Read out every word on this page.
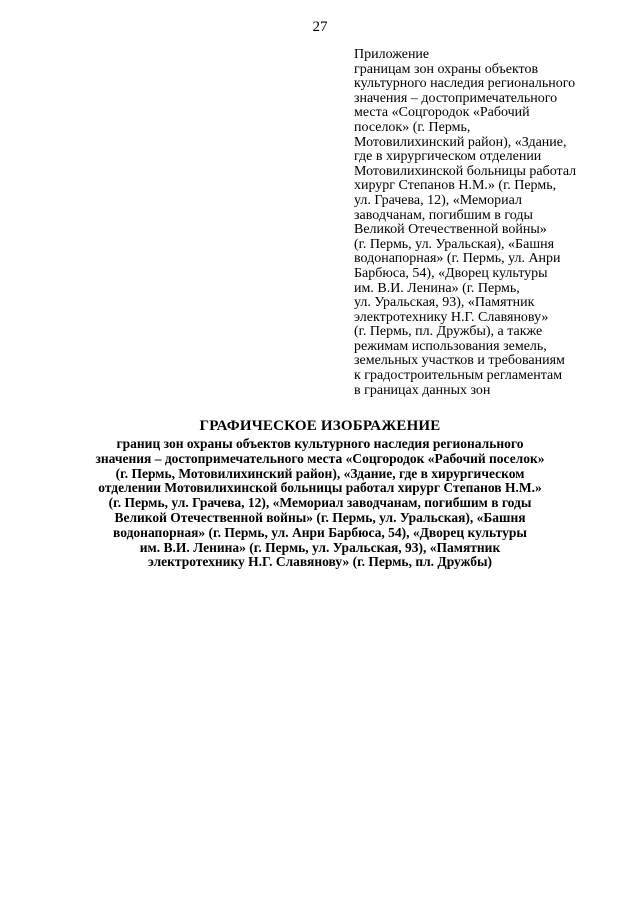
27
Приложение
границам зон охраны объектов
культурного наследия регионального
значения – достопримечательного
места «Соцгородок «Рабочий
поселок» (г. Пермь,
Мотовилихинский район), «Здание,
где в хирургическом отделении
Мотовилихинской больницы работал
хирург Степанов Н.М.» (г. Пермь,
ул. Грачева, 12), «Мемориал
заводчанам, погибшим в годы
Великой Отечественной войны»
(г. Пермь, ул. Уральская), «Башня
водонапорная» (г. Пермь, ул. Анри
Барбюса, 54), «Дворец культуры
им. В.И. Ленина» (г. Пермь,
ул. Уральская, 93), «Памятник
электротехнику Н.Г. Славянову»
(г. Пермь, пл. Дружбы), а также
режимам использования земель,
земельных участков и требованиям
к градостроительным регламентам
в границах данных зон
ГРАФИЧЕСКОЕ ИЗОБРАЖЕНИЕ
границ зон охраны объектов культурного наследия регионального
значения – достопримечательного места «Соцгородок «Рабочий поселок»
(г. Пермь, Мотовилихинский район), «Здание, где в хирургическом
отделении Мотовилихинской больницы работал хирург Степанов Н.М.»
(г. Пермь, ул. Грачева, 12), «Мемориал заводчанам, погибшим в годы
Великой Отечественной войны» (г. Пермь, ул. Уральская), «Башня
водонапорная» (г. Пермь, ул. Анри Барбюса, 54), «Дворец культуры
им. В.И. Ленина» (г. Пермь, ул. Уральская, 93), «Памятник
электротехнику Н.Г. Славянову» (г. Пермь, пл. Дружбы)
